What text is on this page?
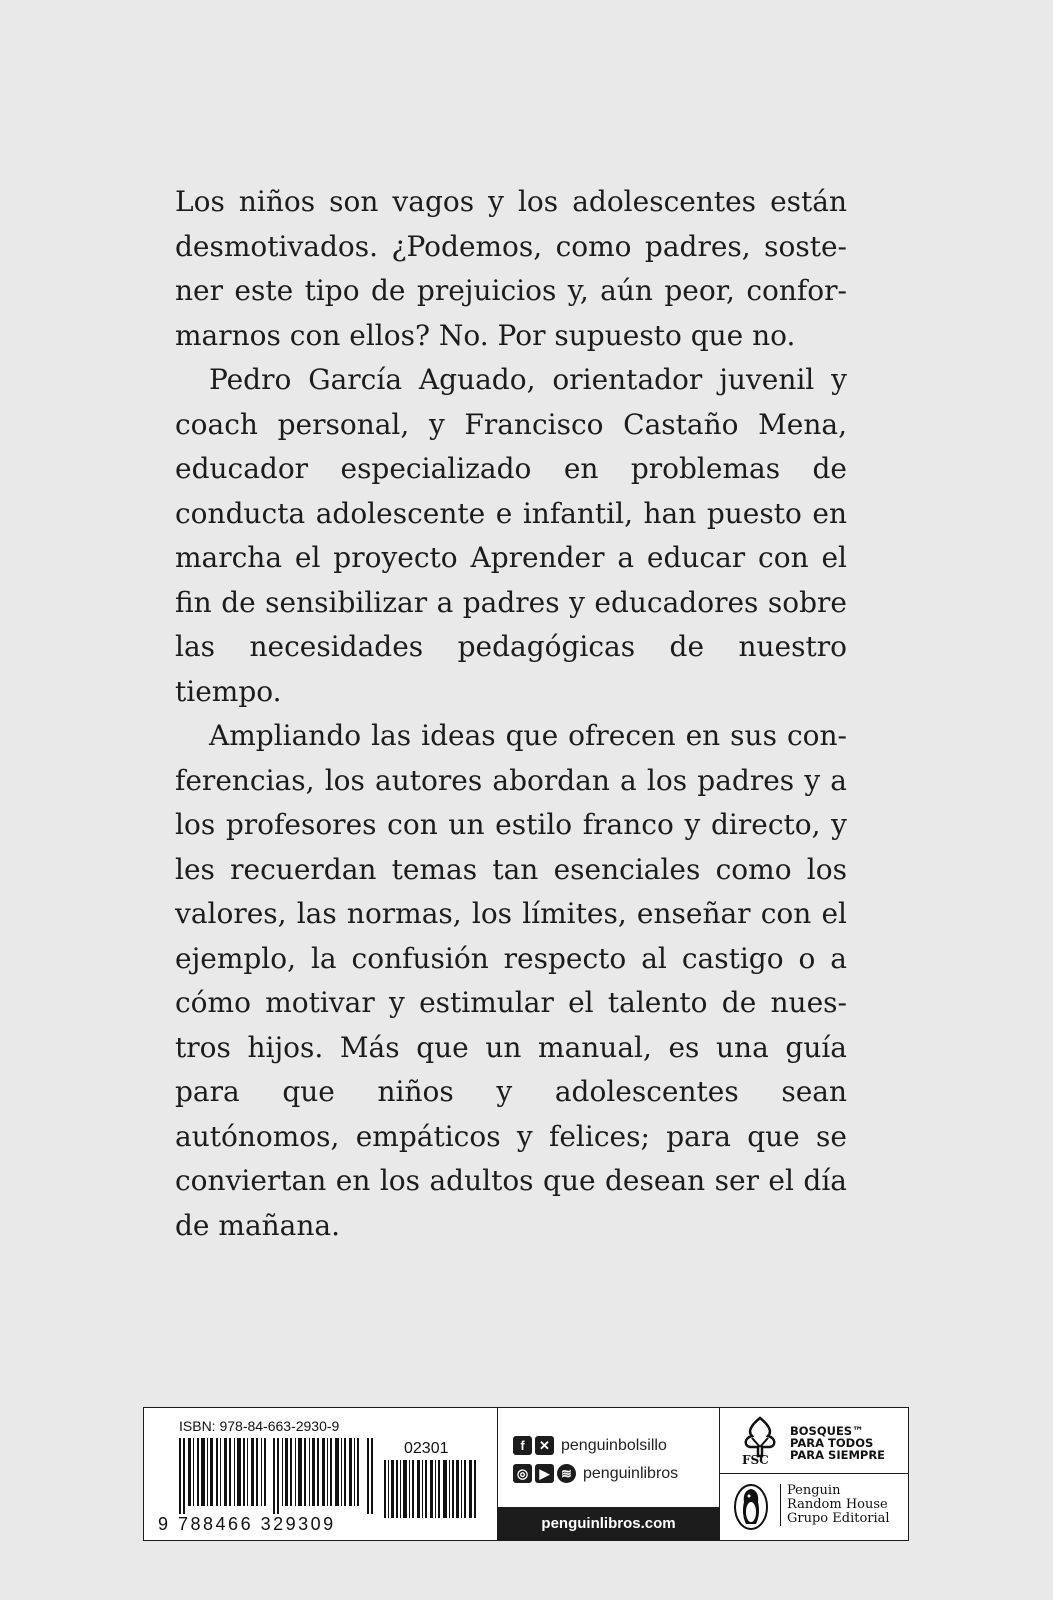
Los niños son vagos y los adolescentes están desmotivados. ¿Podemos, como padres, sostener este tipo de prejuicios y, aún peor, conformarnos con ellos? No. Por supuesto que no.

Pedro García Aguado, orientador juvenil y coach personal, y Francisco Castaño Mena, educador especializado en problemas de conducta adolescente e infantil, han puesto en marcha el proyecto Aprender a educar con el fin de sensibilizar a padres y educadores sobre las necesidades pedagógicas de nuestro tiempo.

Ampliando las ideas que ofrecen en sus conferencias, los autores abordan a los padres y a los profesores con un estilo franco y directo, y les recuerdan temas tan esenciales como los valores, las normas, los límites, enseñar con el ejemplo, la confusión respecto al castigo o a cómo motivar y estimular el talento de nuestros hijos. Más que un manual, es una guía para que niños y adolescentes sean autónomos, empáticos y felices; para que se conviertan en los adultos que desean ser el día de mañana.

ISBN: 978-84-663-2930-9
02301
9 788466 329309
f	✕ penguinbolsillo
◎ ▶ ≋ penguinlibros
penguinlibros.com
BOSQUES™
PARA TODOS
PARA SIEMPRE
FSC
Penguin
Random House
Grupo Editorial
